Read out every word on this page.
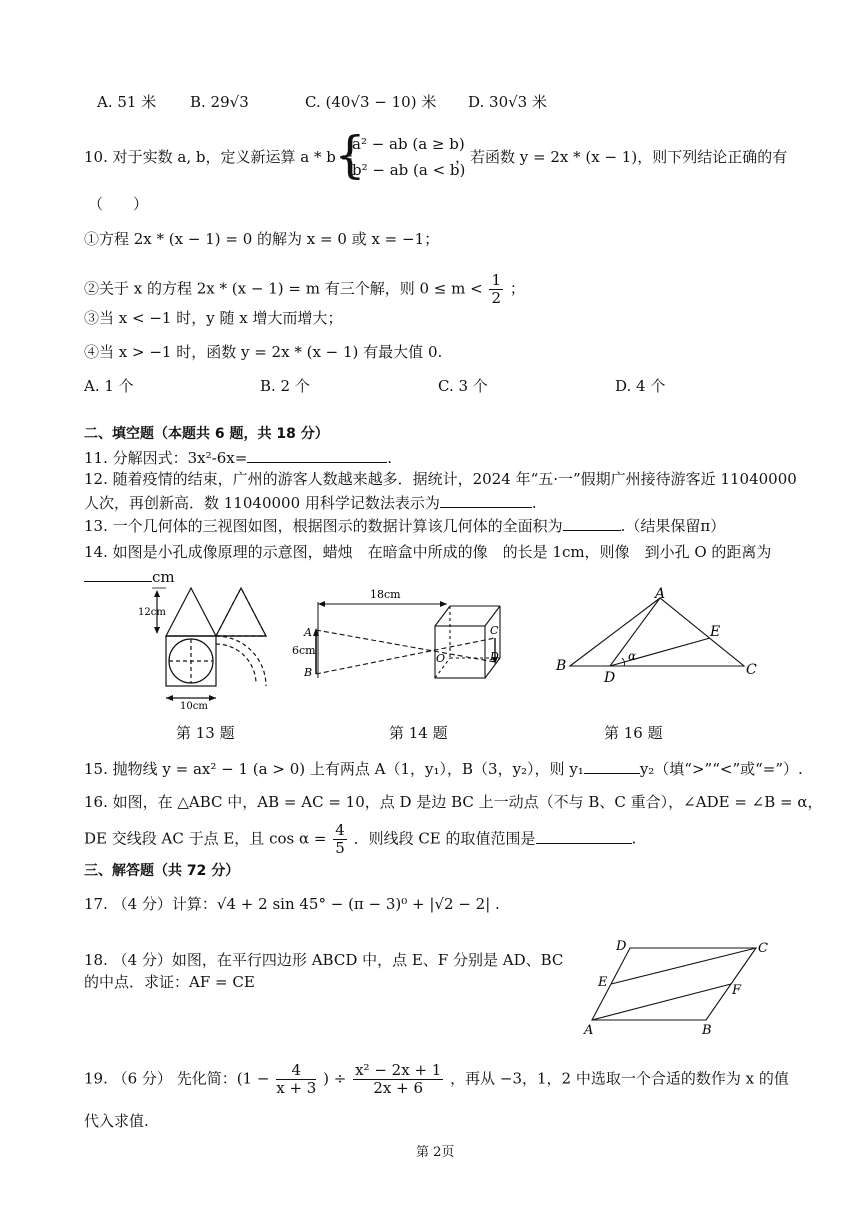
A. 51 米 B. 29√3	C. (40√3 − 10) 米 D. 30√3 米
10. 对于实数 a, b，定义新运算 a * b =
{
a² − ab (a ≥ b)
b² − ab (a < b)
，若函数 y = 2x * (x − 1)，则下列结论正确的有
（　　）
①方程 2x * (x − 1) = 0 的解为 x = 0 或 x = −1；
②关于 x 的方程 2x * (x − 1) = m 有三个解，则 $0 \le m < \frac{1}{2}$ ；
③当 x < −1 时，y 随 x 增大而增大；
④当 x > −1 时，函数 y = 2x * (x − 1) 有最大值 0.
A. 1 个	B. 2 个	C. 3 个	D. 4 个
二、填空题（本题共 6 题，共 18 分）
11. 分解因式：3x²-6x=	.
12. 随着疫情的结束，广州的游客人数越来越多．据统计，2024 年“五·一”假期广州接待游客近 11040000
人次，再创新高．数 11040000 用科学记数法表示为	.
13. 一个几何体的三视图如图，根据图示的数据计算该几何体的全面积为	.（结果保留π）
14. 如图是小孔成像原理的示意图，蜡烛　在暗盒中所成的像　的长是 1cm，则像　到小孔 O 的距离为
cm
12cm
10cm
第 13 题
18cm
6cm
A
B
O
C
D
第 14 题
A
B	C
D
E
α
第 16 题
15. 抛物线 y = ax² − 1 (a > 0) 上有两点 A（1，y₁），B（3，y₂），则 y₁	y₂（填“>”“<”或“=”）.
16. 如图，在 △ABC 中，AB = AC = 10，点 D 是边 BC 上一动点（不与 B、C 重合），∠ADE = ∠B = α，
DE 交线段 AC 于点 E，且 $\cos \alpha = \frac{4}{5}$ ．则线段 CE 的取值范围是	.
三、解答题（共 72 分）
17. （4 分）计算：√4 + 2 sin 45° − (π − 3)⁰ + |√2 − 2| .
18. （4 分）如图，在平行四边形 ABCD 中，点 E、F 分别是 AD、BC
的中点．求证：AF = CE
D	C
E
F
A	B
19. （6 分） 先化简：($1 - \frac{4}{x + 3}$ ) ÷ $\frac{\text{x² − 2x + 1}}{2x + 6}$ ，再从 −3，1，2 中选取一个合适的数作为 x 的值
代入求值.
第 2页
